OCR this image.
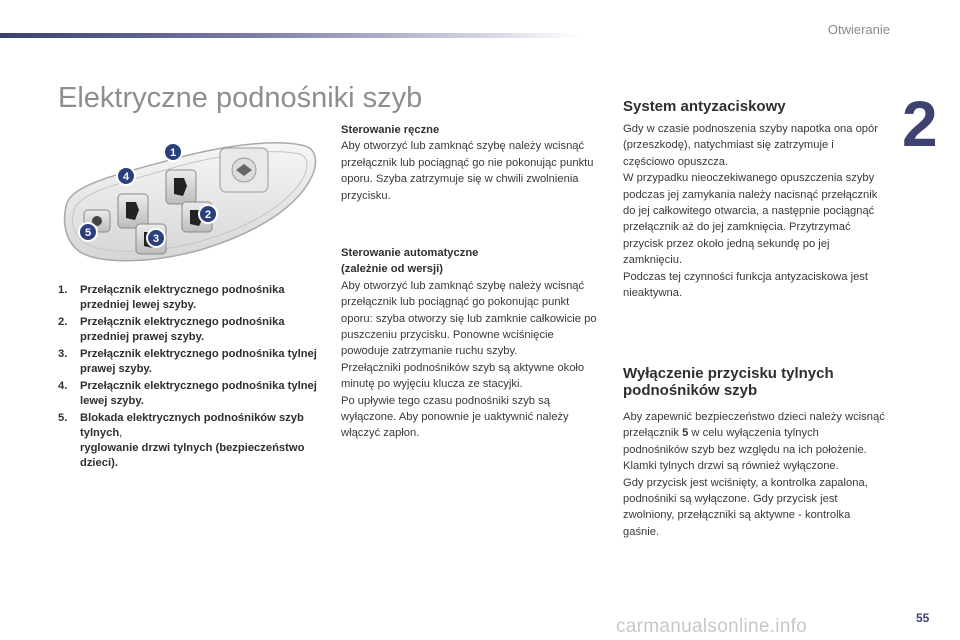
Otwieranie
2
Elektryczne podnośniki szyb
1
2
3
4
5
1. Przełącznik elektrycznego podnośnika przedniej lewej szyby.
2. Przełącznik elektrycznego podnośnika przedniej prawej szyby.
3. Przełącznik elektrycznego podnośnika tylnej prawej szyby.
4. Przełącznik elektrycznego podnośnika tylnej lewej szyby.
5. Blokada elektrycznych podnośników szyb tylnych,
ryglowanie drzwi tylnych (bezpieczeństwo dzieci).
Sterowanie ręczne

Aby otworzyć lub zamknąć szybę należy wcisnąć przełącznik lub pociągnąć go nie pokonując punktu oporu. Szyba zatrzymuje się w chwili zwolnienia przycisku.

Sterowanie automatyczne (zależnie od wersji)

Aby otworzyć lub zamknąć szybę należy wcisnąć przełącznik lub pociągnąć go pokonując punkt oporu: szyba otworzy się lub zamknie całkowicie po puszczeniu przycisku. Ponowne wciśnięcie powoduje zatrzymanie ruchu szyby.

Przełączniki podnośników szyb są aktywne około minutę po wyjęciu klucza ze stacyjki.

Po upływie tego czasu podnośniki szyb są wyłączone. Aby ponownie je uaktywnić należy włączyć zapłon.

System antyzaciskowy

Gdy w czasie podnoszenia szyby napotka ona opór (przeszkodę), natychmiast się zatrzymuje i częściowo opuszcza.

W przypadku nieoczekiwanego opuszczenia szyby podczas jej zamykania należy nacisnąć przełącznik do jej całkowitego otwarcia, a następnie pociągnąć przełącznik aż do jej zamknięcia. Przytrzymać przycisk przez około jedną sekundę po jej zamknięciu.

Podczas tej czynności funkcja antyzaciskowa jest nieaktywna.

Wyłączenie przycisku tylnych podnośników szyb

Aby zapewnić bezpieczeństwo dzieci należy wcisnąć przełącznik 5 w celu wyłączenia tylnych podnośników szyb bez względu na ich położenie.

Klamki tylnych drzwi są również wyłączone.

Gdy przycisk jest wciśnięty, a kontrolka zapalona, podnośniki są wyłączone. Gdy przycisk jest zwolniony, przełączniki są aktywne - kontrolka gaśnie.

carmanualsonline.info	55
